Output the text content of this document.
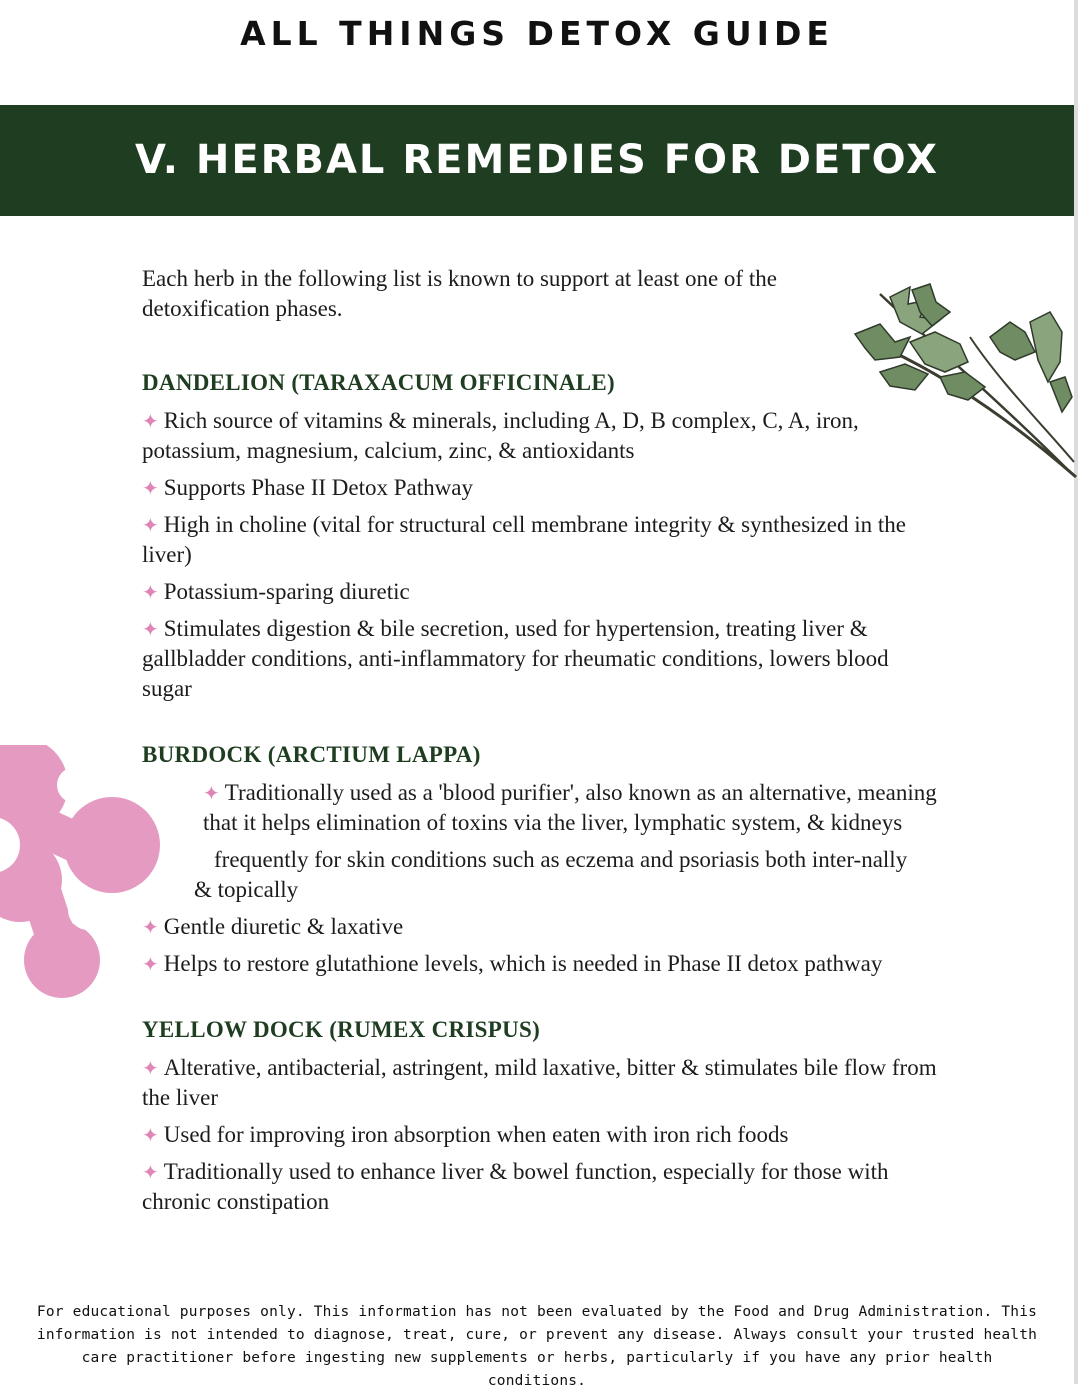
ALL THINGS DETOX GUIDE
V. HERBAL REMEDIES FOR DETOX

Each herb in the following list is known to support at least one of the detoxification phases.

DANDELION (TARAXACUM OFFICINALE)
✦ Rich source of vitamins & minerals, including A, D, B complex, C, A, iron, potassium, magnesium, calcium, zinc, & antioxidants
✦ Supports Phase II Detox Pathway
✦ High in choline (vital for structural cell membrane integrity & synthesized in the liver)
✦ Potassium-sparing diuretic
✦ Stimulates digestion & bile secretion, used for hypertension, treating liver & gallbladder conditions, anti-inflammatory for rheumatic conditions, lowers blood sugar
BURDOCK (ARCTIUM LAPPA)
✦ Traditionally used as a 'blood purifier', also known as an alternative, meaning that it helps elimination of toxins via the liver, lymphatic system, & kidneys
frequently for skin conditions such as eczema and psoriasis both inter-nally & topically
✦ Gentle diuretic & laxative
✦ Helps to restore glutathione levels, which is needed in Phase II detox pathway
YELLOW DOCK (RUMEX CRISPUS)
✦ Alterative, antibacterial, astringent, mild laxative, bitter & stimulates bile flow from the liver
✦ Used for improving iron absorption when eaten with iron rich foods
✦ Traditionally used to enhance liver & bowel function, especially for those with chronic constipation

For educational purposes only. This information has not been evaluated by the Food and Drug Administration. This information is not intended to diagnose, treat, cure, or prevent any disease. Always consult your trusted health care practitioner before ingesting new supplements or herbs, particularly if you have any prior health conditions.
